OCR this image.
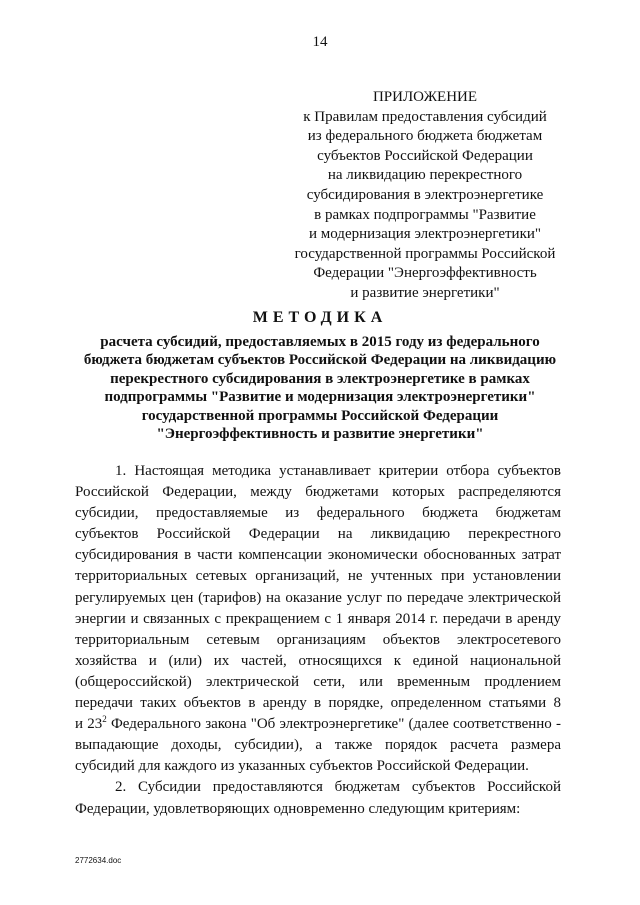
14
ПРИЛОЖЕНИЕ
к Правилам предоставления субсидий
из федерального бюджета бюджетам
субъектов Российской Федерации
на ликвидацию перекрестного
субсидирования в электроэнергетике
в рамках подпрограммы "Развитие
и модернизация электроэнергетики"
государственной программы Российской
Федерации "Энергоэффективность
и развитие энергетики"
МЕТОДИКА
расчета субсидий, предоставляемых в 2015 году из федерального
бюджета бюджетам субъектов Российской Федерации на ликвидацию
перекрестного субсидирования в электроэнергетике в рамках
подпрограммы "Развитие и модернизация электроэнергетики"
государственной программы Российской Федерации
"Энергоэффективность и развитие энергетики"
1. Настоящая методика устанавливает критерии отбора субъектов
Российской Федерации, между бюджетами которых распределяются
субсидии, предоставляемые из федерального бюджета бюджетам
субъектов Российской Федерации на ликвидацию перекрестного
субсидирования в части компенсации экономически обоснованных затрат
территориальных сетевых организаций, не учтенных при установлении
регулируемых цен (тарифов) на оказание услуг по передаче электрической
энергии и связанных с прекращением с 1 января 2014 г. передачи в аренду
территориальным сетевым организациям объектов электросетевого
хозяйства и (или) их частей, относящихся к единой национальной
(общероссийской) электрической сети, или временным продлением
передачи таких объектов в аренду в порядке, определенном статьями 8
и $23^2$ Федерального закона "Об электроэнергетике" (далее соответственно -
выпадающие доходы, субсидии), а также порядок расчета размера
субсидий для каждого из указанных субъектов Российской Федерации.
2. Субсидии предоставляются бюджетам субъектов Российской
Федерации, удовлетворяющих одновременно следующим критериям:
2772634.doc
